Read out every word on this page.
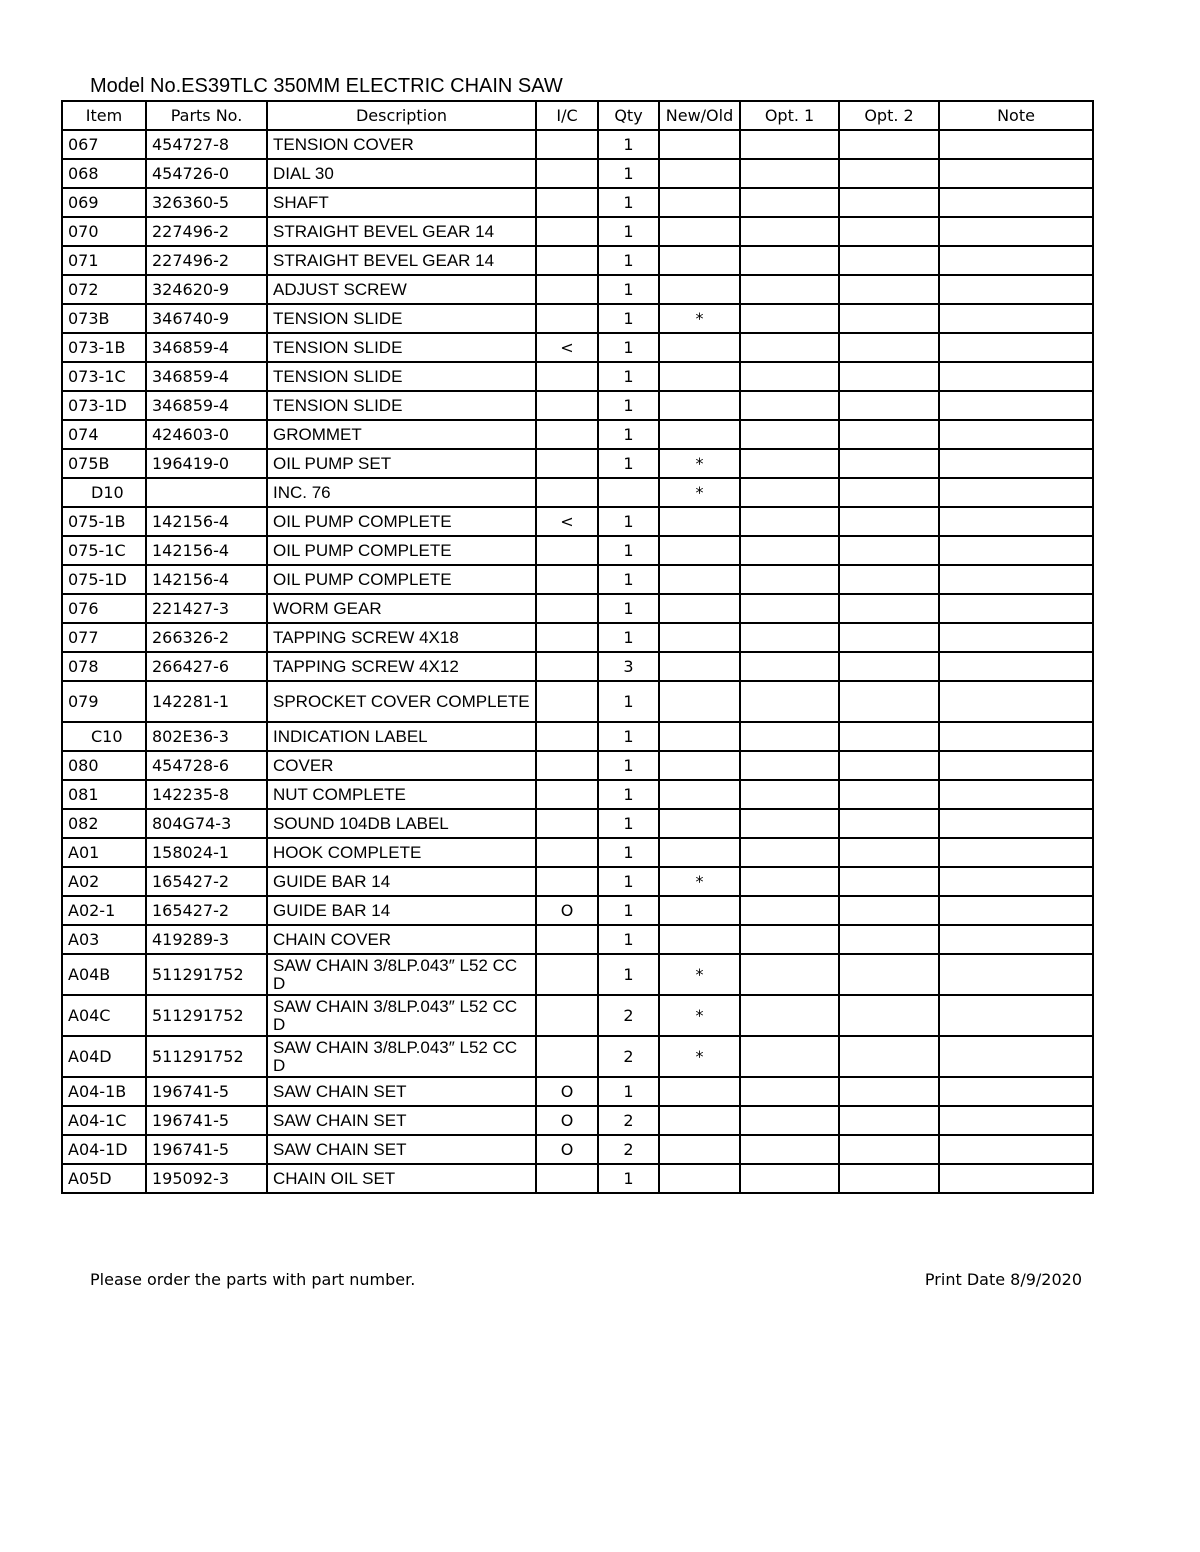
Model No.ES39TLC 350MM ELECTRIC CHAIN SAW
Item	Parts No.	Description	I/C	Qty	New/Old	Opt. 1	Opt. 2	Note
067	454727-8	TENSION COVER		1				
068	454726-0	DIAL 30		1				
069	326360-5	SHAFT		1				
070	227496-2	STRAIGHT BEVEL GEAR 14		1				
071	227496-2	STRAIGHT BEVEL GEAR 14		1				
072	324620-9	ADJUST SCREW		1				
073B	346740-9	TENSION SLIDE		1	*			
073-1B	346859-4	TENSION SLIDE	<	1				
073-1C	346859-4	TENSION SLIDE		1				
073-1D	346859-4	TENSION SLIDE		1				
074	424603-0	GROMMET		1				
075B	196419-0	OIL PUMP SET		1	*			
D10		INC. 76			*			
075-1B	142156-4	OIL PUMP COMPLETE	<	1				
075-1C	142156-4	OIL PUMP COMPLETE		1				
075-1D	142156-4	OIL PUMP COMPLETE		1				
076	221427-3	WORM GEAR		1				
077	266326-2	TAPPING SCREW 4X18		1				
078	266427-6	TAPPING SCREW 4X12		3				
079	142281-1	SPROCKET COVER COMPLETE		1				
C10	802E36-3	INDICATION LABEL		1				
080	454728-6	COVER		1				
081	142235-8	NUT COMPLETE		1				
082	804G74-3	SOUND 104DB LABEL		1				
A01	158024-1	HOOK COMPLETE		1				
A02	165427-2	GUIDE BAR 14		1	*			
A02-1	165427-2	GUIDE BAR 14	O	1				
A03	419289-3	CHAIN COVER		1				
A04B	511291752	SAW CHAIN 3/8LP.043″ L52 CC D		1	*			
A04C	511291752	SAW CHAIN 3/8LP.043″ L52 CC D		2	*			
A04D	511291752	SAW CHAIN 3/8LP.043″ L52 CC D		2	*			
A04-1B	196741-5	SAW CHAIN SET	O	1				
A04-1C	196741-5	SAW CHAIN SET	O	2				
A04-1D	196741-5	SAW CHAIN SET	O	2				
A05D	195092-3	CHAIN OIL SET		1				
Please order the parts with part number.	Print Date 8/9/2020
